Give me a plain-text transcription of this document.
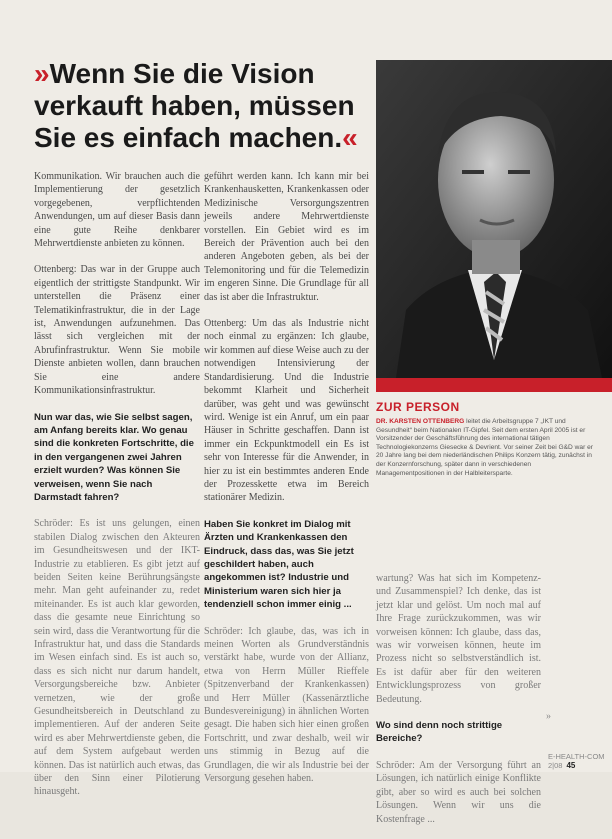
»Wenn Sie die Vision verkauft haben, müssen Sie es einfach machen.«
ZUR PERSON
DR. KARSTEN OTTENBERG leitet die Arbeitsgruppe 7 „IKT und Gesundheit“ beim Nationalen IT-Gipfel. Seit dem ersten April 2005 ist er Vorsitzender der Geschäftsführung des international tätigen Technologiekonzerns Giesecke & Devrient. Vor seiner Zeit bei G&D war er 20 Jahre lang bei dem niederländischen Philips Konzern tätig, zunächst in der Konzernforschung, später dann in verschiedenen Managementpositionen in der Halbleitersparte.

Kommunikation. Wir brauchen auch die Implementierung der gesetzlich vorgegebenen, verpflichtenden Anwendungen, um auf dieser Basis dann eine gute Reihe denkbarer Mehrwertdienste anbieten zu können.

Ottenberg: Das war in der Gruppe auch eigentlich der strittigste Standpunkt. Wir unterstellen die Präsenz einer Telematikinfrastruktur, die in der Lage ist, Anwendungen aufzunehmen. Das lässt sich vergleichen mit der Abrufinfrastruktur. Wenn Sie mobile Dienste anbieten wollen, dann brauchen Sie eine andere Kommunikationsinfrastruktur.

Nun war das, wie Sie selbst sagen, am Anfang bereits klar. Wo genau sind die konkreten Fortschritte, die in den vergangenen zwei Jahren erzielt wurden? Was können Sie verweisen, wenn Sie nach Darmstadt fahren?

Schröder: Es ist uns gelungen, einen stabilen Dialog zwischen den Akteuren im Gesundheitswesen und der IKT-Industrie zu etablieren. Es gibt jetzt auf beiden Seiten keine Berührungsängste mehr. Man geht aufeinander zu, redet miteinander. Es ist auch klar geworden, dass die gesamte neue Einrichtung so sein wird, dass die Verantwortung für die Infrastruktur hat, und dass die Standards im Wesen einfach sind. Es ist auch so, dass es sich nicht nur darum handelt, Versorgungsbereiche bzw. Anbieter vernetzen, wie der große Gesundheitsbereich in Deutschland zu implementieren. Auf der anderen Seite wird es aber Mehrwertdienste geben, die auf dem System aufgebaut werden können. Das ist natürlich auch etwas, das über den Sinn einer Pilotierung hinausgeht.

geführt werden kann. Ich kann mir bei Krankenhausketten, Krankenkassen oder Medizinische Versorgungszentren jeweils andere Mehrwertdienste vorstellen. Ein Gebiet wird es im Bereich der Prävention auch bei den anderen Angeboten geben, als bei der Telemonitoring und für die Telemedizin im engeren Sinne. Die Grundlage für all das ist aber die Infrastruktur.

Ottenberg: Um das als Industrie nicht noch einmal zu ergänzen: Ich glaube, wir kommen auf diese Weise auch zu der notwendigen Intensivierung der Standardisierung. Und die Industrie bekommt Klarheit und Sicherheit darüber, was geht und was gewünscht wird. Wenige ist ein Anruf, um ein paar Häuser in Schritte geschaffen. Dann ist immer ein Eckpunktmodell ein Es ist sehr von Interesse für die Anwender, in hier zu ist ein bestimmtes anderen Ende der Prozesskette etwa im Bereich stationärer Medizin.

Haben Sie konkret im Dialog mit Ärzten und Krankenkassen den Eindruck, dass das, was Sie jetzt geschildert haben, auch angekommen ist? Industrie und Ministerium waren sich hier ja tendenziell schon immer einig ...

Schröder: Ich glaube, das, was ich in meinen Worten als Grundverständnis verstärkt habe, wurde von der Allianz, etwa von Herrn Müller Rieffele (Spitzenverband der Krankenkassen) und Herr Müller (Kassenärztliche Bundesvereinigung) in ähnlichen Worten gesagt. Die haben sich hier einen großen Fortschritt, und zwar deshalb, weil wir uns stimmig in Bezug auf die Grundlagen, die wir als Industrie bei der Versorgung gesehen haben.

wartung? Was hat sich im Kompetenz- und Zusammenspiel? Ich denke, das ist jetzt klar und gelöst. Um noch mal auf Ihre Frage zurückzukommen, was wir vorweisen können: Ich glaube, dass das, was wir vorweisen können, heute im Prozess nicht so selbstverständlich ist. Es ist dafür aber für den weiteren Entwicklungsprozess von großer Bedeutung.

Wo sind denn noch strittige Bereiche?

Schröder: Am der Versorgung führt an Lösungen, ich natürlich einige Konflikte gibt, aber so wird es auch bei solchen Lösungen. Wenn wir uns die Kostenfrage ...

»
E-HEALTH-COM 2|08 45
